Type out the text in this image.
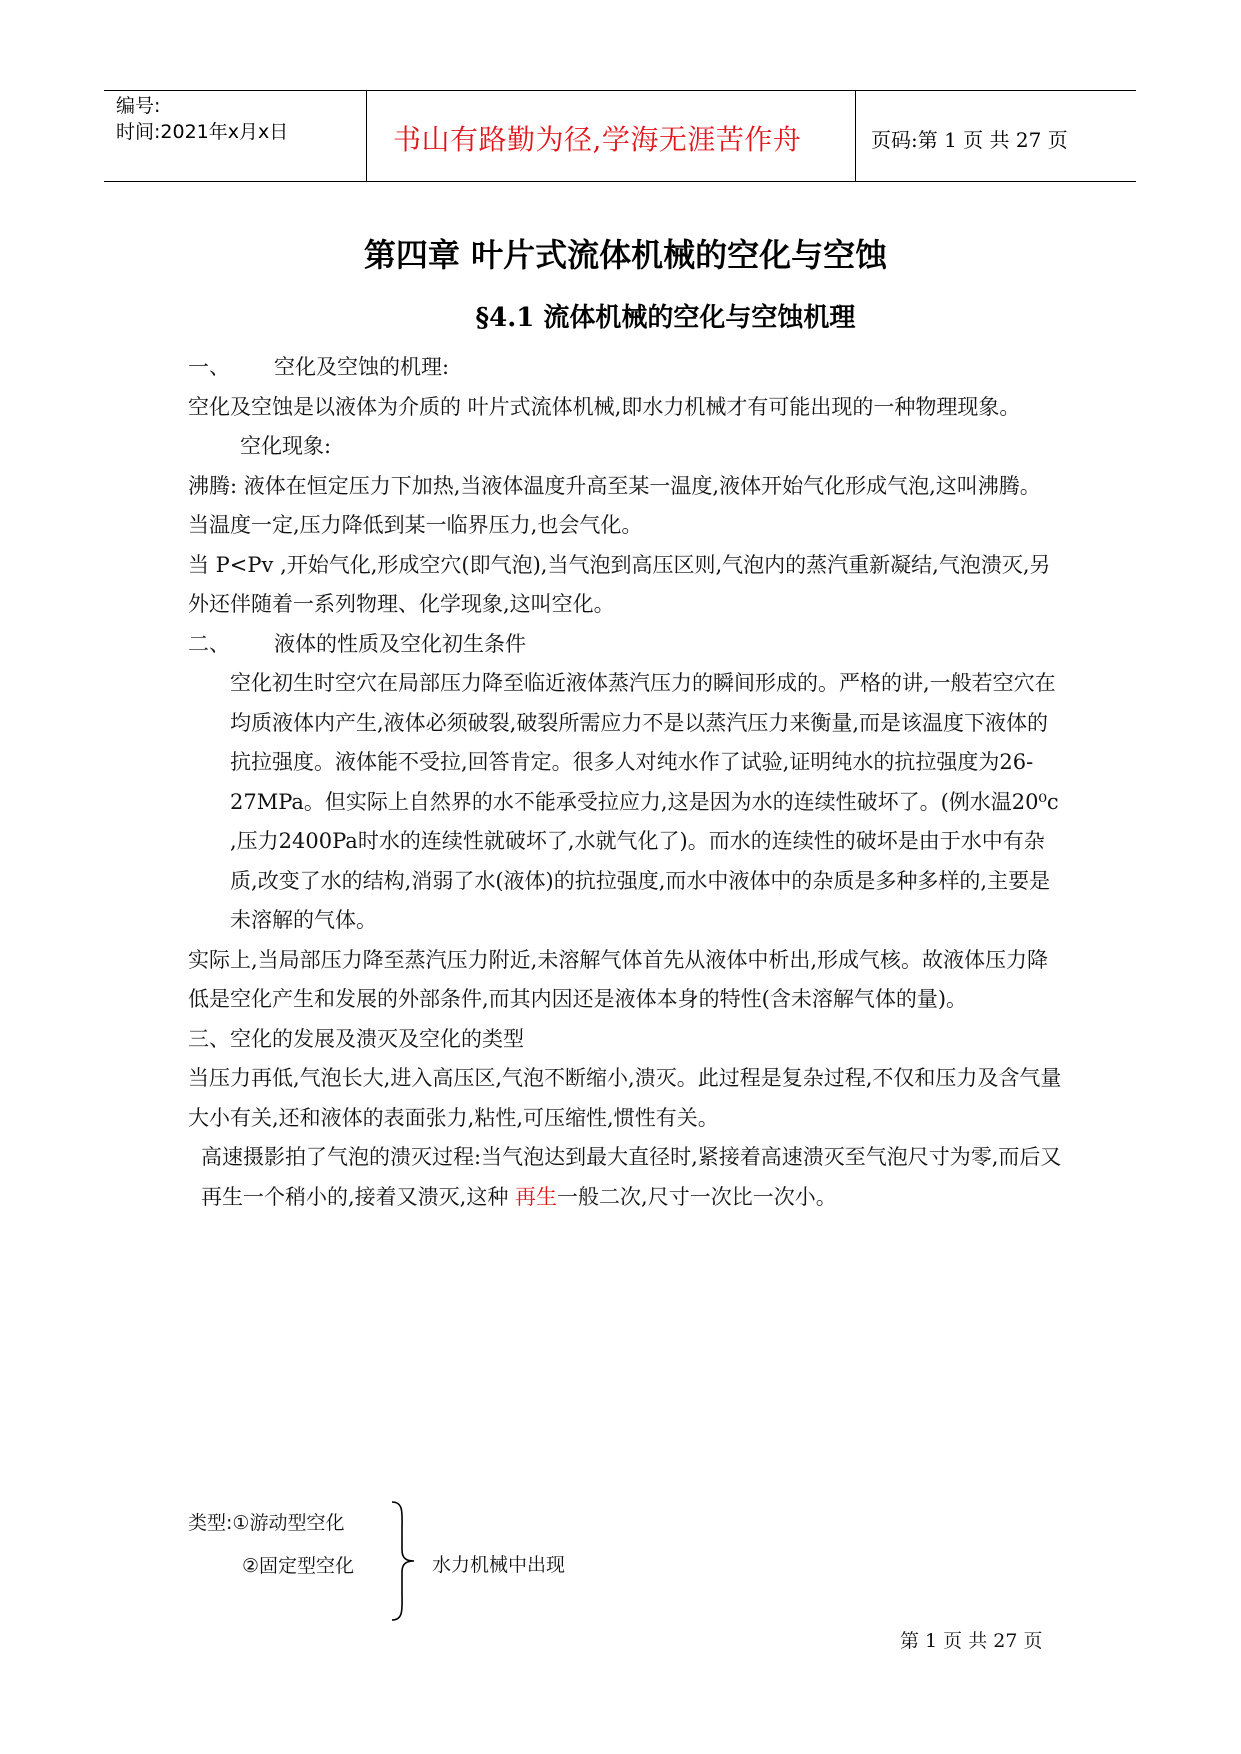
编号:
时间:2021年x月x日	书山有路勤为径,学海无涯苦作舟	页码:第 1 页 共 27 页
第四章 叶片式流体机械的空化与空蚀
§4.1 流体机械的空化与空蚀机理

一、 空化及空蚀的机理:

空化及空蚀是以液体为介质的 叶片式流体机械,即水力机械才有可能出现的一种物理现象。

空化现象:

沸腾: 液体在恒定压力下加热,当液体温度升高至某一温度,液体开始气化形成气泡,这叫沸腾。

当温度一定,压力降低到某一临界压力,也会气化。

当 P<Pv ,开始气化,形成空穴(即气泡),当气泡到高压区则,气泡内的蒸汽重新凝结,气泡溃灭,另外还伴随着一系列物理、化学现象,这叫空化。

二、 液体的性质及空化初生条件

空化初生时空穴在局部压力降至临近液体蒸汽压力的瞬间形成的。严格的讲,一般若空穴在均质液体内产生,液体必须破裂,破裂所需应力不是以蒸汽压力来衡量,而是该温度下液体的抗拉强度。液体能不受拉,回答肯定。很多人对纯水作了试验,证明纯水的抗拉强度为26-27MPa。但实际上自然界的水不能承受拉应力,这是因为水的连续性破坏了。(例水温20⁰c ,压力2400Pa时水的连续性就破坏了,水就气化了)。而水的连续性的破坏是由于水中有杂质,改变了水的结构,消弱了水(液体)的抗拉强度,而水中液体中的杂质是多种多样的,主要是未溶解的气体。

实际上,当局部压力降至蒸汽压力附近,未溶解气体首先从液体中析出,形成气核。故液体压力降低是空化产生和发展的外部条件,而其内因还是液体本身的特性(含未溶解气体的量)。

三、空化的发展及溃灭及空化的类型

当压力再低,气泡长大,进入高压区,气泡不断缩小,溃灭。此过程是复杂过程,不仅和压力及含气量大小有关,还和液体的表面张力,粘性,可压缩性,惯性有关。

高速摄影拍了气泡的溃灭过程:当气泡达到最大直径时,紧接着高速溃灭至气泡尺寸为零,而后又再生一个稍小的,接着又溃灭,这种 再生一般二次,尺寸一次比一次小。

类型:①游动型空化
②固定型空化	水力机械中出现
第 1 页 共 27 页
